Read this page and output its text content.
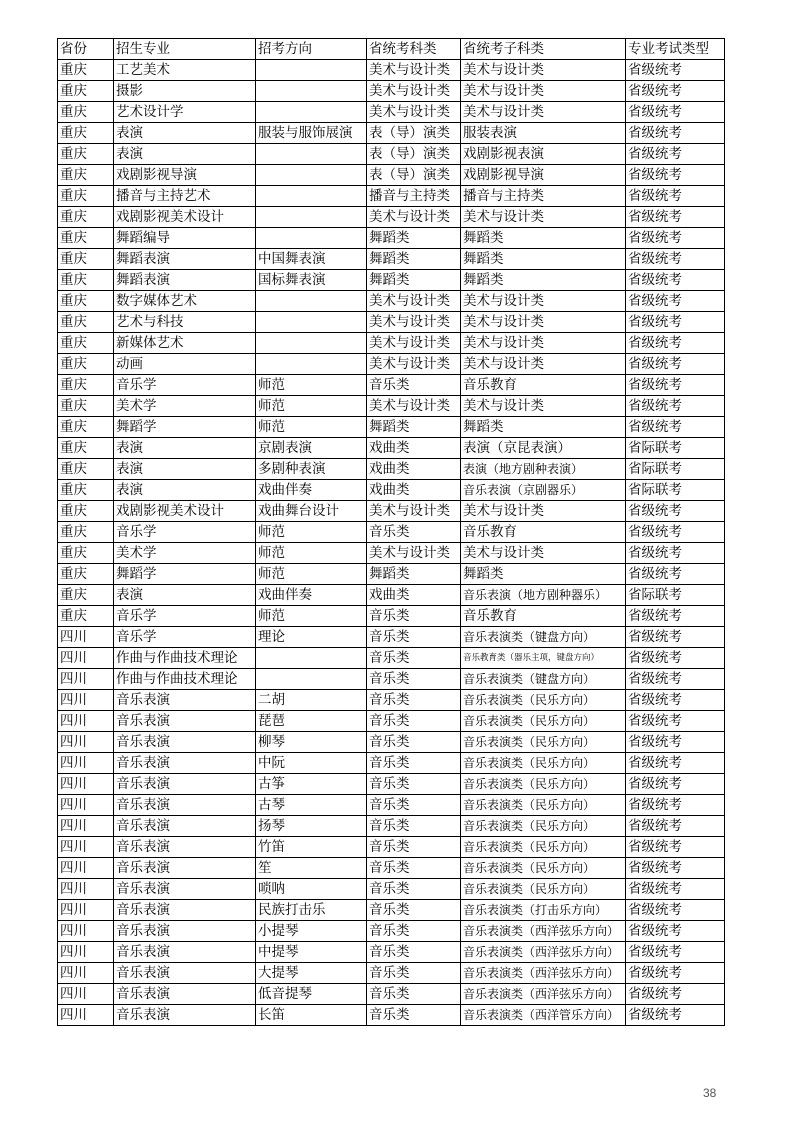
省份	招生专业	招考方向	省统考科类	省统考子科类	专业考试类型
重庆	工艺美术		美术与设计类	美术与设计类	省级统考
重庆	摄影		美术与设计类	美术与设计类	省级统考
重庆	艺术设计学		美术与设计类	美术与设计类	省级统考
重庆	表演	服装与服饰展演	表（导）演类	服装表演	省级统考
重庆	表演		表（导）演类	戏剧影视表演	省级统考
重庆	戏剧影视导演		表（导）演类	戏剧影视导演	省级统考
重庆	播音与主持艺术		播音与主持类	播音与主持类	省级统考
重庆	戏剧影视美术设计		美术与设计类	美术与设计类	省级统考
重庆	舞蹈编导		舞蹈类	舞蹈类	省级统考
重庆	舞蹈表演	中国舞表演	舞蹈类	舞蹈类	省级统考
重庆	舞蹈表演	国标舞表演	舞蹈类	舞蹈类	省级统考
重庆	数字媒体艺术		美术与设计类	美术与设计类	省级统考
重庆	艺术与科技		美术与设计类	美术与设计类	省级统考
重庆	新媒体艺术		美术与设计类	美术与设计类	省级统考
重庆	动画		美术与设计类	美术与设计类	省级统考
重庆	音乐学	师范	音乐类	音乐教育	省级统考
重庆	美术学	师范	美术与设计类	美术与设计类	省级统考
重庆	舞蹈学	师范	舞蹈类	舞蹈类	省级统考
重庆	表演	京剧表演	戏曲类	表演（京昆表演）	省际联考
重庆	表演	多剧种表演	戏曲类	表演（地方剧种表演）	省际联考
重庆	表演	戏曲伴奏	戏曲类	音乐表演（京剧器乐）	省际联考
重庆	戏剧影视美术设计	戏曲舞台设计	美术与设计类	美术与设计类	省级统考
重庆	音乐学	师范	音乐类	音乐教育	省级统考
重庆	美术学	师范	美术与设计类	美术与设计类	省级统考
重庆	舞蹈学	师范	舞蹈类	舞蹈类	省级统考
重庆	表演	戏曲伴奏	戏曲类	音乐表演（地方剧种器乐）	省际联考
重庆	音乐学	师范	音乐类	音乐教育	省级统考
四川	音乐学	理论	音乐类	音乐表演类（键盘方向）	省级统考
四川	作曲与作曲技术理论		音乐类	音乐教育类（器乐主项，键盘方向）	省级统考
四川	作曲与作曲技术理论		音乐类	音乐表演类（键盘方向）	省级统考
四川	音乐表演	二胡	音乐类	音乐表演类（民乐方向）	省级统考
四川	音乐表演	琵琶	音乐类	音乐表演类（民乐方向）	省级统考
四川	音乐表演	柳琴	音乐类	音乐表演类（民乐方向）	省级统考
四川	音乐表演	中阮	音乐类	音乐表演类（民乐方向）	省级统考
四川	音乐表演	古筝	音乐类	音乐表演类（民乐方向）	省级统考
四川	音乐表演	古琴	音乐类	音乐表演类（民乐方向）	省级统考
四川	音乐表演	扬琴	音乐类	音乐表演类（民乐方向）	省级统考
四川	音乐表演	竹笛	音乐类	音乐表演类（民乐方向）	省级统考
四川	音乐表演	笙	音乐类	音乐表演类（民乐方向）	省级统考
四川	音乐表演	唢呐	音乐类	音乐表演类（民乐方向）	省级统考
四川	音乐表演	民族打击乐	音乐类	音乐表演类（打击乐方向）	省级统考
四川	音乐表演	小提琴	音乐类	音乐表演类（西洋弦乐方向）	省级统考
四川	音乐表演	中提琴	音乐类	音乐表演类（西洋弦乐方向）	省级统考
四川	音乐表演	大提琴	音乐类	音乐表演类（西洋弦乐方向）	省级统考
四川	音乐表演	低音提琴	音乐类	音乐表演类（西洋弦乐方向）	省级统考
四川	音乐表演	长笛	音乐类	音乐表演类（西洋管乐方向）	省级统考
38
